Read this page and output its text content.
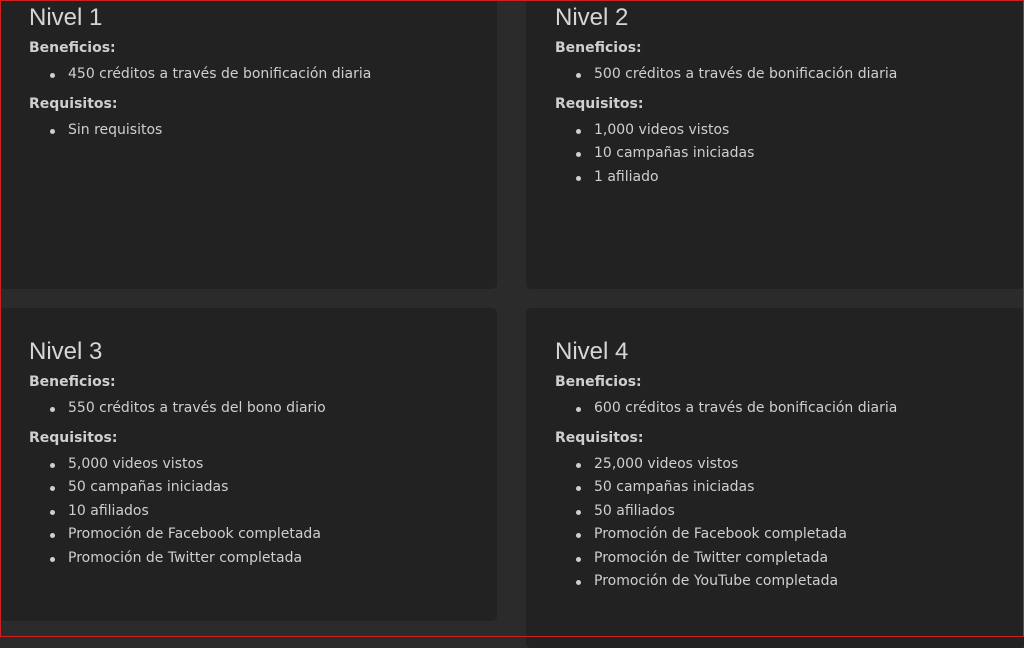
Nivel 1

Beneficios:

450 créditos a través de bonificación diaria

Requisitos:

Sin requisitos
Nivel 2

Beneficios:

500 créditos a través de bonificación diaria

Requisitos:

1,000 videos vistos
10 campañas iniciadas
1 afiliado
Nivel 3

Beneficios:

550 créditos a través del bono diario

Requisitos:

5,000 videos vistos
50 campañas iniciadas
10 afiliados
Promoción de Facebook completada
Promoción de Twitter completada
Nivel 4

Beneficios:

600 créditos a través de bonificación diaria

Requisitos:

25,000 videos vistos
50 campañas iniciadas
50 afiliados
Promoción de Facebook completada
Promoción de Twitter completada
Promoción de YouTube completada
